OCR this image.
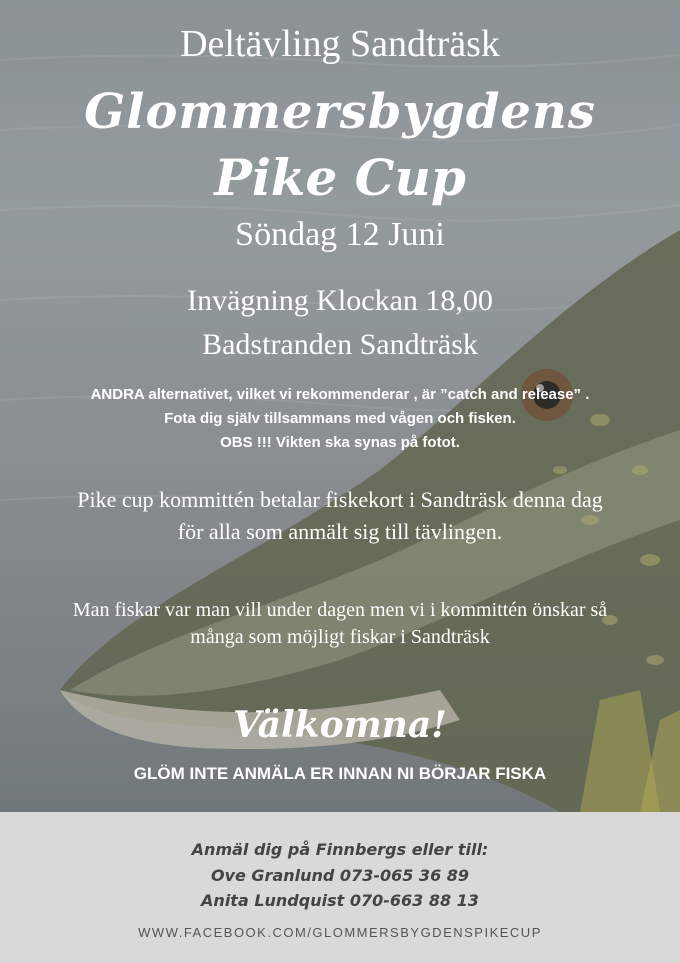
Deltävling Sandträsk
Glommersbygdens
Pike Cup
Söndag 12 Juni
Invägning Klockan 18,00
Badstranden Sandträsk
ANDRA alternativet, vilket vi rekommenderar , är ”catch and release” .
Fota dig själv tillsammans med vågen och fisken.
OBS !!! Vikten ska synas på fotot.
Pike cup kommittén betalar fiskekort i Sandträsk denna dag
för alla som anmält sig till tävlingen.
Man fiskar var man vill under dagen men vi i kommittén önskar så
många som möjligt fiskar i Sandträsk
Välkomna!
GLÖM INTE ANMÄLA ER INNAN NI BÖRJAR FISKA
Anmäl dig på Finnbergs eller till:
Ove Granlund 073-065 36 89
Anita Lundquist 070-663 88 13
WWW.FACEBOOK.COM/GLOMMERSBYGDENSPIKECUP
